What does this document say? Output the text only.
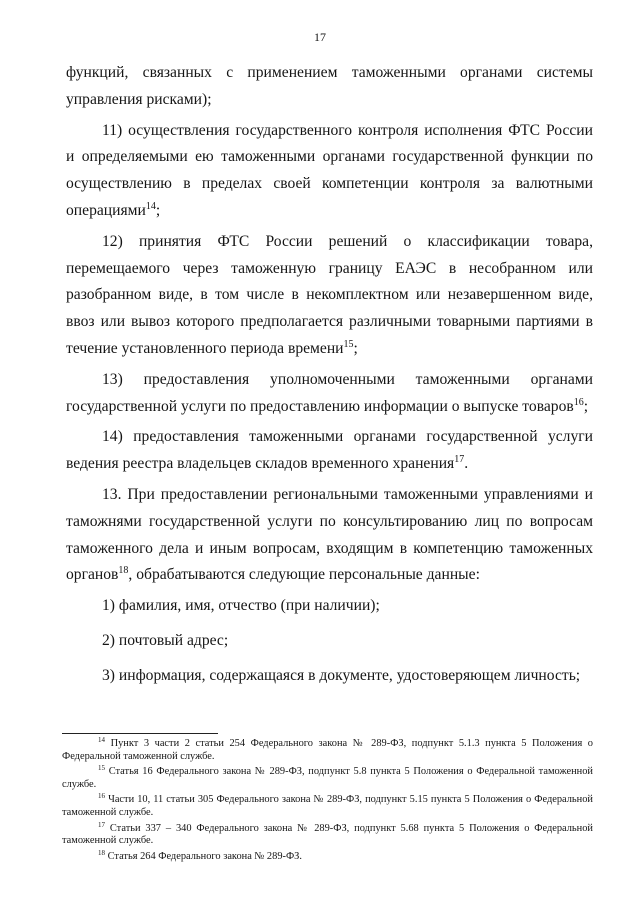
17

функций, связанных с применением таможенными органами системы управления рисками);

11) осуществления государственного контроля исполнения ФТС России и определяемыми ею таможенными органами государственной функции по осуществлению в пределах своей компетенции контроля за валютными операциями$^{14}$;

12) принятия ФТС России решений о классификации товара, перемещаемого через таможенную границу ЕАЭС в несобранном или разобранном виде, в том числе в некомплектном или незавершенном виде, ввоз или вывоз которого предполагается различными товарными партиями в течение установленного периода времени$^{15}$;

13) предоставления уполномоченными таможенными органами государственной услуги по предоставлению информации о выпуске товаров$^{16}$;

14) предоставления таможенными органами государственной услуги ведения реестра владельцев складов временного хранения$^{17}$.

13. При предоставлении региональными таможенными управлениями и таможнями государственной услуги по консультированию лиц по вопросам таможенного дела и иным вопросам, входящим в компетенцию таможенных органов$^{18}$, обрабатываются следующие персональные данные:

1) фамилия, имя, отчество (при наличии);

2) почтовый адрес;

3) информация, содержащаяся в документе, удостоверяющем личность;

$^{14}$ Пункт 3 части 2 статьи 254 Федерального закона № 289-ФЗ, подпункт 5.1.3 пункта 5 Положения о Федеральной таможенной службе.

$^{15}$ Статья 16 Федерального закона № 289-ФЗ, подпункт 5.8 пункта 5 Положения о Федеральной таможенной службе.

$^{16}$ Части 10, 11 статьи 305 Федерального закона № 289-ФЗ, подпункт 5.15 пункта 5 Положения о Федеральной таможенной службе.

$^{17}$ Статьи 337 – 340 Федерального закона № 289-ФЗ, подпункт 5.68 пункта 5 Положения о Федеральной таможенной службе.

$^{18}$ Статья 264 Федерального закона № 289-ФЗ.
